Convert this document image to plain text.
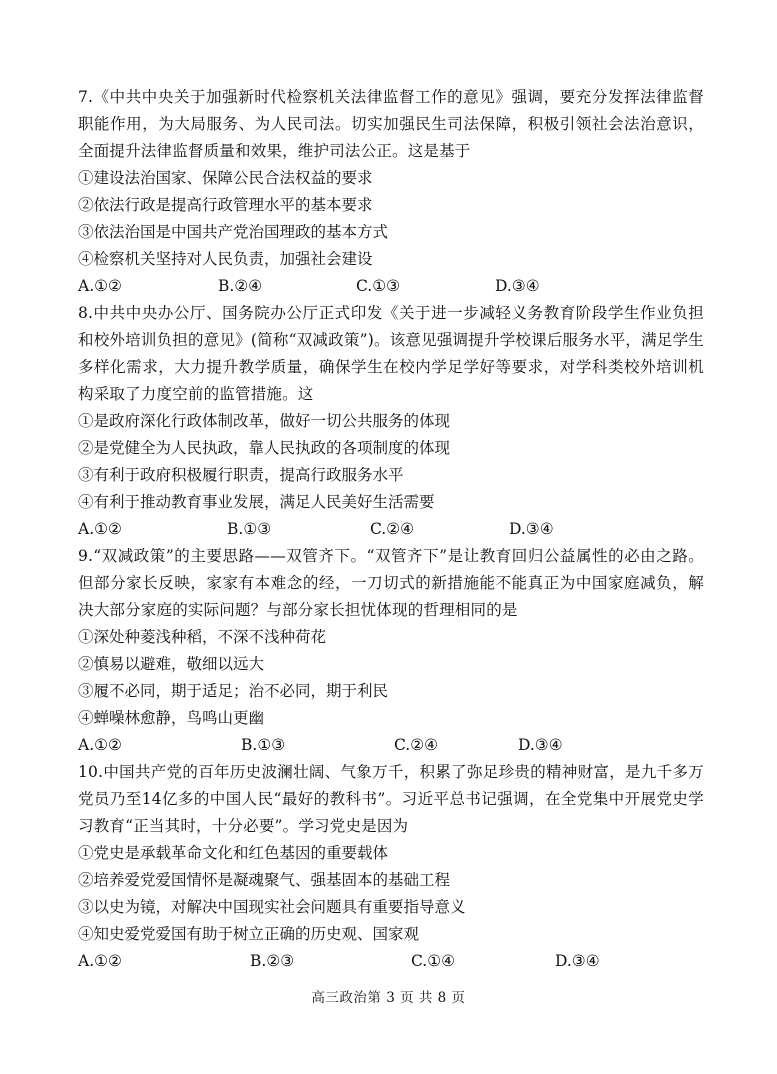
7.《中共中央关于加强新时代检察机关法律监督工作的意见》强调，要充分发挥法律监督职能作用，为大局服务、为人民司法。切实加强民生司法保障，积极引领社会法治意识，全面提升法律监督质量和效果，维护司法公正。这是基于

①建设法治国家、保障公民合法权益的要求

②依法行政是提高行政管理水平的基本要求

③依法治国是中国共产党治国理政的基本方式

④检察机关坚持对人民负责，加强社会建设

A.①②	B.②④	C.①③	D.③④

8.中共中央办公厅、国务院办公厅正式印发《关于进一步减轻义务教育阶段学生作业负担和校外培训负担的意见》(简称“双减政策”)。该意见强调提升学校课后服务水平，满足学生多样化需求，大力提升教学质量，确保学生在校内学足学好等要求，对学科类校外培训机构采取了力度空前的监管措施。这

①是政府深化行政体制改革，做好一切公共服务的体现

②是党健全为人民执政，靠人民执政的各项制度的体现

③有利于政府积极履行职责，提高行政服务水平

④有利于推动教育事业发展，满足人民美好生活需要

A.①②	B.①③	C.②④	D.③④

9.“双减政策”的主要思路——双管齐下。“双管齐下”是让教育回归公益属性的必由之路。但部分家长反映，家家有本难念的经，一刀切式的新措施能不能真正为中国家庭减负，解决大部分家庭的实际问题？与部分家长担忧体现的哲理相同的是

①深处种菱浅种稻，不深不浅种荷花

②慎易以避难，敬细以远大

③履不必同，期于适足；治不必同，期于利民

④蝉噪林愈静，鸟鸣山更幽

A.①②	B.①③	C.②④	D.③④

10.中国共产党的百年历史波澜壮阔、气象万千，积累了弥足珍贵的精神财富，是九千多万党员乃至14亿多的中国人民“最好的教科书”。习近平总书记强调，在全党集中开展党史学习教育“正当其时，十分必要”。学习党史是因为

①党史是承载革命文化和红色基因的重要载体

②培养爱党爱国情怀是凝魂聚气、强基固本的基础工程

③以史为镜，对解决中国现实社会问题具有重要指导意义

④知史爱党爱国有助于树立正确的历史观、国家观

A.①②	B.②③	C.①④	D.③④
高三政治第 3 页 共 8 页
